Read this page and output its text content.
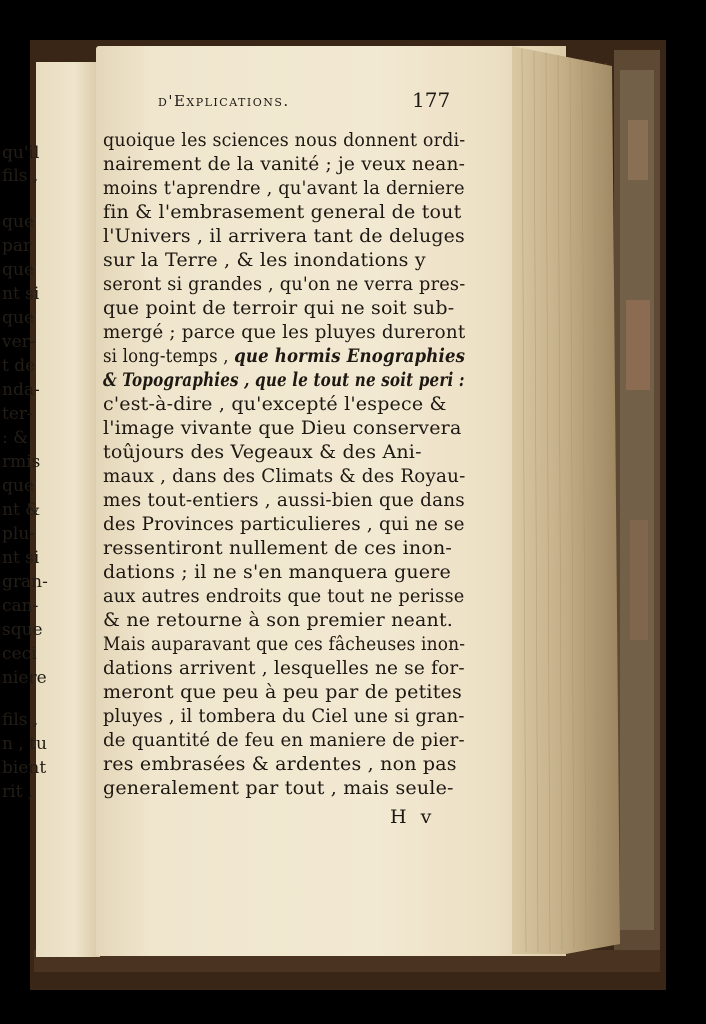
qu'il
fils ,
que
par
que
nt si
que
ver-
t de
nda-
ter-
: &
rmis
que
nt &
plu-
nt si
gran-
can-
sque
ceci
niere
fils ,
n , tu
bient
rit ,
d'Explications.	177
quoique les sciences nous donnent ordi-
nairement de la vanité ; je veux nean-
moins t'aprendre , qu'avant la derniere
fin & l'embrasement general de tout
l'Univers , il arrivera tant de deluges
sur la Terre , & les inondations y
seront si grandes , qu'on ne verra pres-
que point de terroir qui ne soit sub-
mergé ; parce que les pluyes dureront
si long-temps , que hormis Enographies
& Topographies , que le tout ne soit peri :
c'est-à-dire , qu'excepté l'espece &
l'image vivante que Dieu conservera
toûjours des Vegeaux & des Ani-
maux , dans des Climats & des Royau-
mes tout-entiers , aussi-bien que dans
des Provinces particulieres , qui ne se
ressentiront nullement de ces inon-
dations ; il ne s'en manquera guere
aux autres endroits que tout ne perisse
& ne retourne à son premier neant.
Mais auparavant que ces fâcheuses inon-
dations arrivent , lesquelles ne se for-
meront que peu à peu par de petites
pluyes , il tombera du Ciel une si gran-
de quantité de feu en maniere de pier-
res embrasées & ardentes , non pas
generalement par tout , mais seule-
H v
